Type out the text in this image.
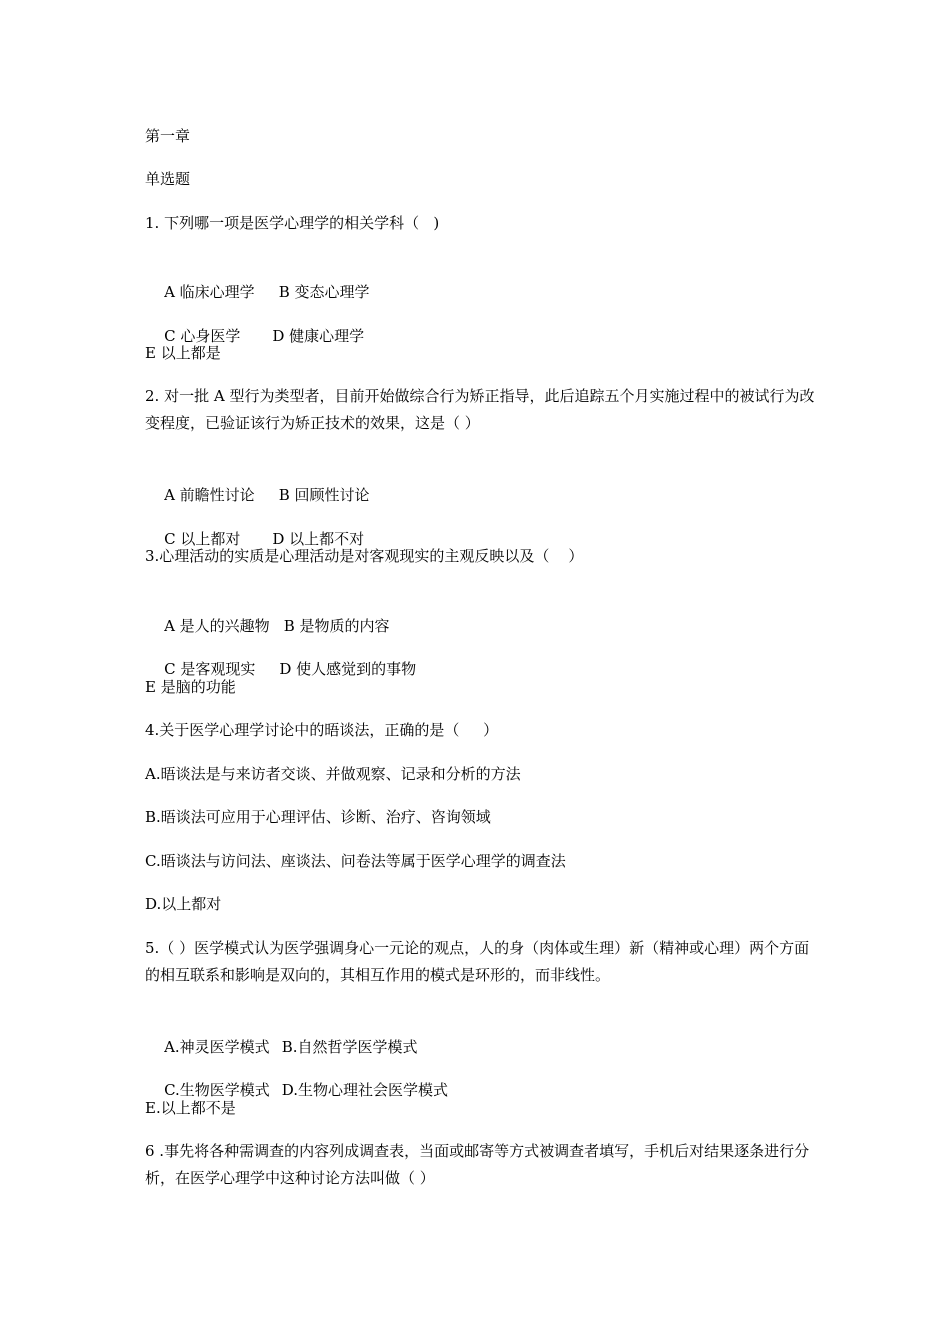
第一章
单选题
1. 下列哪一项是医学心理学的相关学科（   )

A 临床心理学 B 变态心理学

C 心身医学 D 健康心理学

E 以上都是
2. 对一批 A 型行为类型者，目前开始做综合行为矫正指导，此后追踪五个月实施过程中的被试行为改变程度，已验证该行为矫正技术的效果，这是（ ）

A 前瞻性讨论 B 回顾性讨论

C 以上都对 D 以上都不对

3.心理活动的实质是心理活动是对客观现实的主观反映以及（    ）

A 是人的兴趣物 B 是物质的内容

C 是客观现实 D 使人感觉到的事物

E 是脑的功能
4.关于医学心理学讨论中的晤谈法，正确的是（     ）
A.晤谈法是与来访者交谈、并做观察、记录和分析的方法
B.晤谈法可应用于心理评估、诊断、治疗、咨询领域
C.晤谈法与访问法、座谈法、问卷法等属于医学心理学的调查法
D.以上都对
5.（ ）医学模式认为医学强调身心一元论的观点，人的身（肉体或生理）新（精神或心理）两个方面的相互联系和影响是双向的，其相互作用的模式是环形的，而非线性。

A.神灵医学模式 B.自然哲学医学模式

C.生物医学模式 D.生物心理社会医学模式

E.以上都不是
6 .事先将各种需调查的内容列成调查表，当面或邮寄等方式被调查者填写，手机后对结果逐条进行分析，在医学心理学中这种讨论方法叫做（ ）
